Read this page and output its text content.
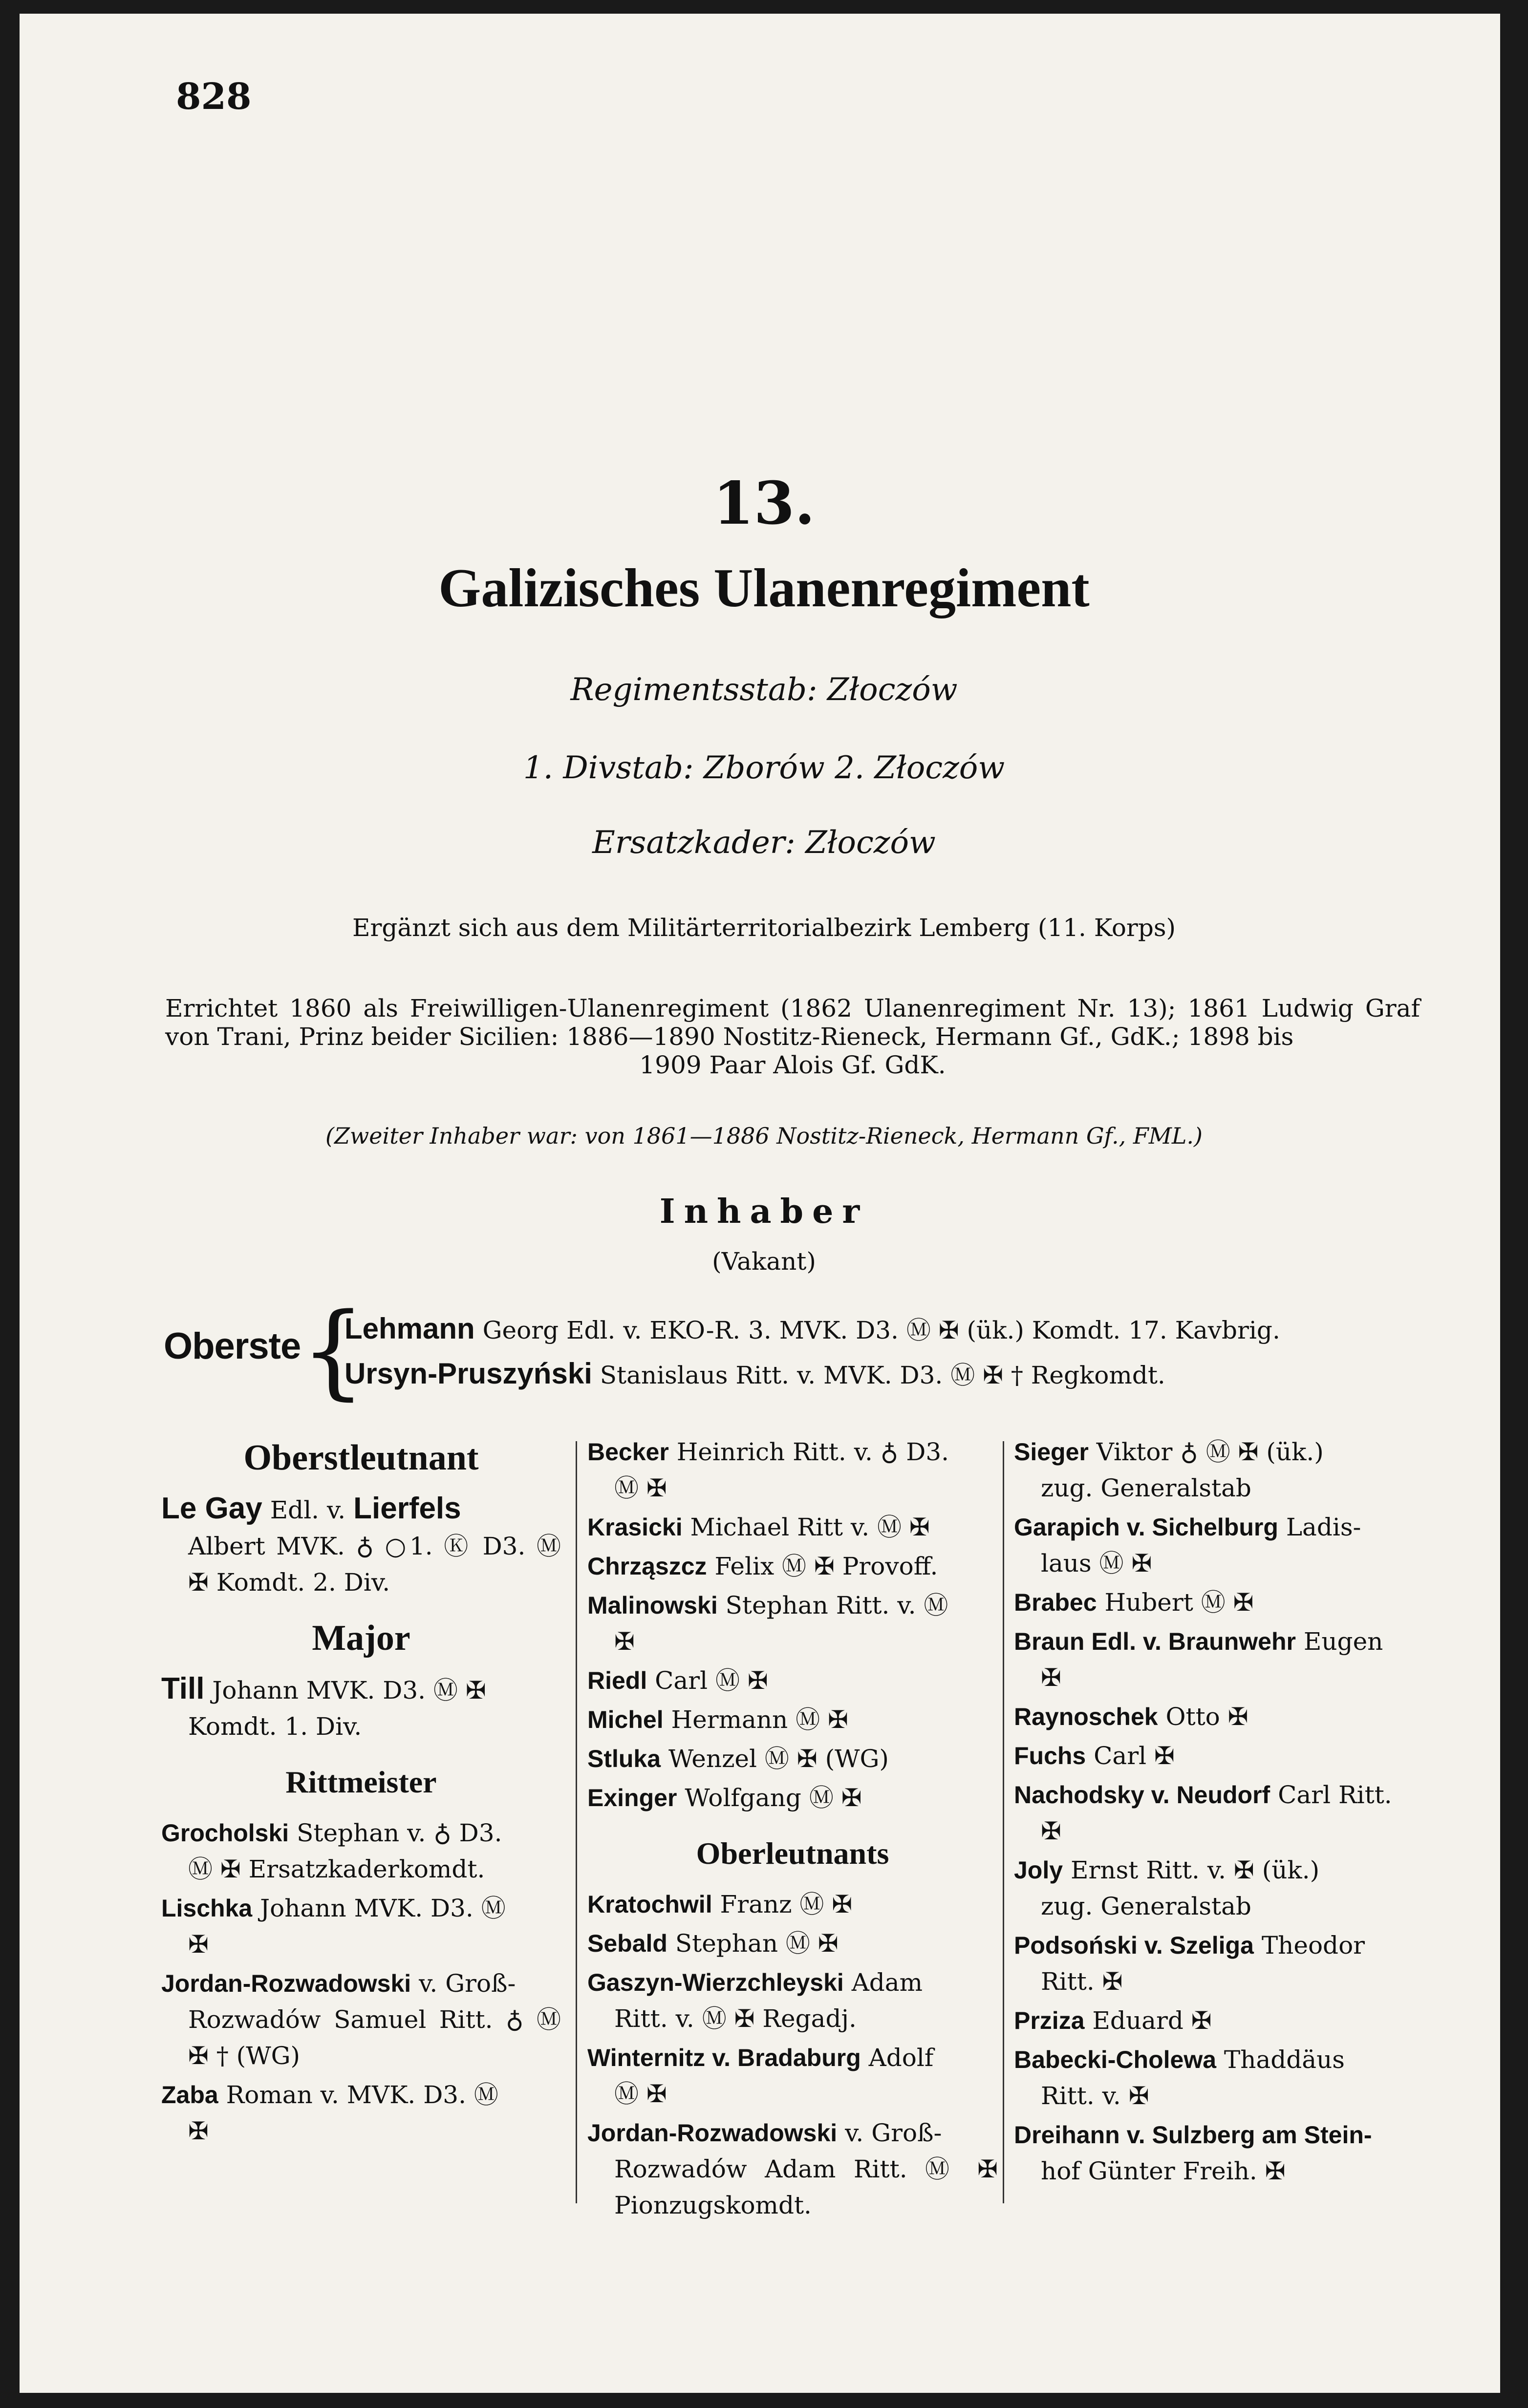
828
13.
Galizisches Ulanenregiment
Regimentsstab: Złoczów
1. Divstab: Zborów 2. Złoczów
Ersatzkader: Złoczów
Ergänzt sich aus dem Militärterritorialbezirk Lemberg (11. Korps)
Errichtet 1860 als Freiwilligen-Ulanenregiment (1862 Ulanenregiment Nr. 13); 1861 Ludwig Graf von Trani, Prinz beider Sicilien: 1886—1890 Nostitz-Rieneck, Hermann Gf., GdK.; 1898 bis
1909 Paar Alois Gf. GdK.
(Zweiter Inhaber war: von 1861—1886 Nostitz-Rieneck, Hermann Gf., FML.)
Inhaber
(Vakant)
Oberste {
Lehmann Georg Edl. v. EKO-R. 3. MVK. D3. Ⓜ ✠ (ük.) Komdt. 17. Kavbrig.
Ursyn-Pruszyński Stanislaus Ritt. v. MVK. D3. Ⓜ ✠ † Regkomdt.
Oberstleutnant
Le Gay Edl. v. Lierfels
Albert MVK. ♁ ○1. Ⓚ D3. Ⓜ ✠ Komdt. 2. Div.
Major
Till Johann MVK. D3. Ⓜ ✠
Komdt. 1. Div.
Rittmeister
Grocholski Stephan v. ♁ D3.
Ⓜ ✠ Ersatzkaderkomdt.
Lischka Johann MVK. D3. Ⓜ
✠
Jordan-Rozwadowski v. Groß-
Rozwadów Samuel Ritt. ♁ Ⓜ ✠ † (WG)
Zaba Roman v. MVK. D3. Ⓜ
✠
Becker Heinrich Ritt. v. ♁ D3.
Ⓜ ✠
Krasicki Michael Ritt v. Ⓜ ✠
Chrząszcz Felix Ⓜ ✠ Provoff.
Malinowski Stephan Ritt. v. Ⓜ
✠
Riedl Carl Ⓜ ✠
Michel Hermann Ⓜ ✠
Stluka Wenzel Ⓜ ✠ (WG)
Exinger Wolfgang Ⓜ ✠
Oberleutnants
Kratochwil Franz Ⓜ ✠
Sebald Stephan Ⓜ ✠
Gaszyn-Wierzchleyski Adam
Ritt. v. Ⓜ ✠ Regadj.
Winternitz v. Bradaburg Adolf
Ⓜ ✠
Jordan-Rozwadowski v. Groß-
Rozwadów Adam Ritt. Ⓜ ✠ Pionzugskomdt.
Sieger Viktor ♁ Ⓜ ✠ (ük.)
zug. Generalstab
Garapich v. Sichelburg Ladis-
laus Ⓜ ✠
Brabec Hubert Ⓜ ✠
Braun Edl. v. Braunwehr Eugen
✠
Raynoschek Otto ✠
Fuchs Carl ✠
Nachodsky v. Neudorf Carl Ritt.
✠
Joly Ernst Ritt. v. ✠ (ük.)
zug. Generalstab
Podsoński v. Szeliga Theodor
Ritt. ✠
Prziza Eduard ✠
Babecki-Cholewa Thaddäus
Ritt. v. ✠
Dreihann v. Sulzberg am Stein-
hof Günter Freih. ✠
